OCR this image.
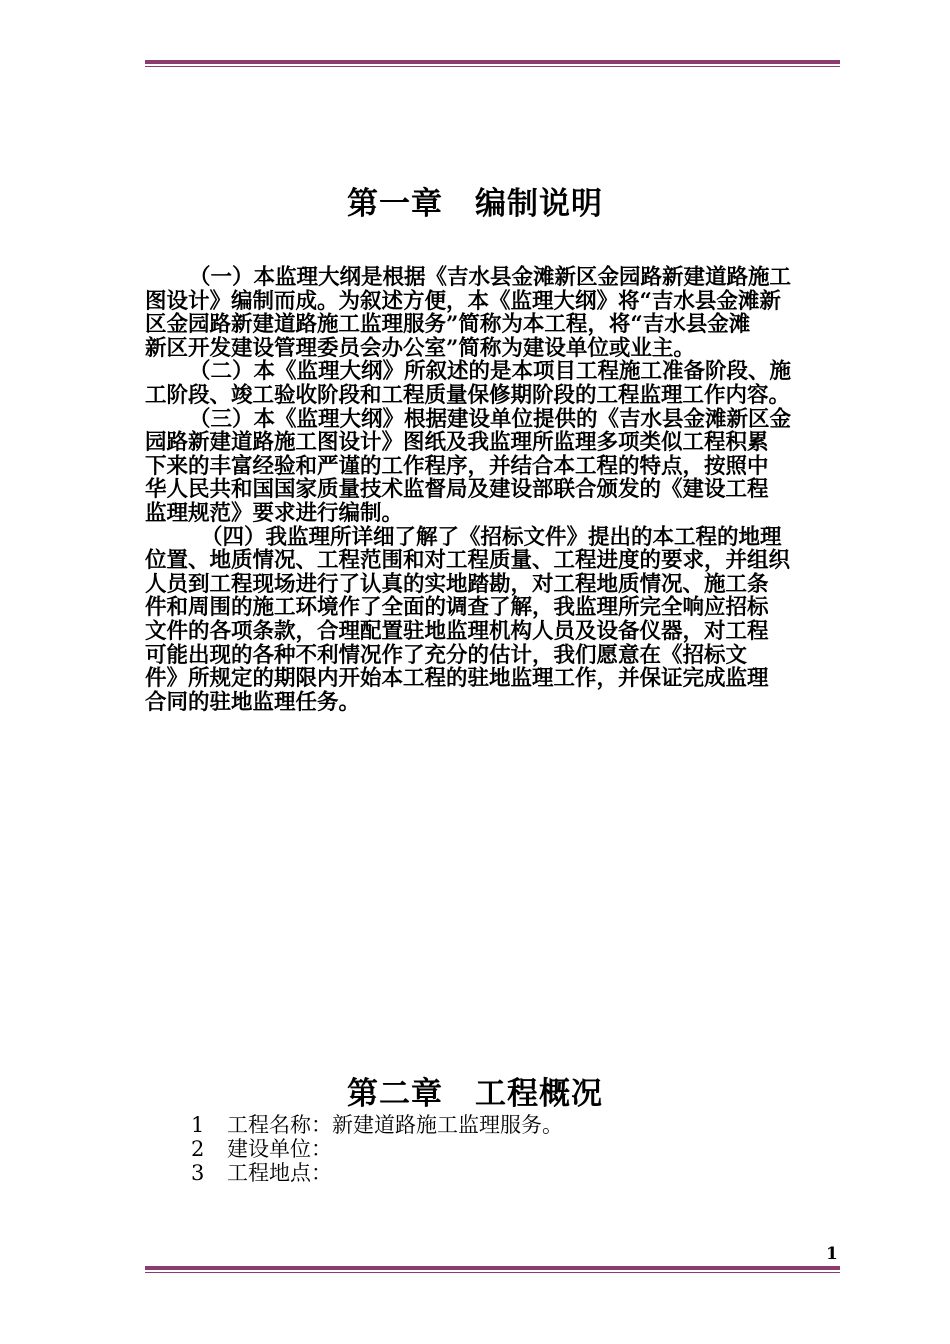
第一章　编制说明
（一）本监理大纲是根据《吉水县金滩新区金园路新建道路施工
图设计》编制而成。为叙述方便，本《监理大纲》将“吉水县金滩新
区金园路新建道路施工监理服务”简称为本工程，将“吉水县金滩
新区开发建设管理委员会办公室”简称为建设单位或业主。
（二）本《监理大纲》所叙述的是本项目工程施工准备阶段、施
工阶段、竣工验收阶段和工程质量保修期阶段的工程监理工作内容。
（三）本《监理大纲》根据建设单位提供的《吉水县金滩新区金
园路新建道路施工图设计》图纸及我监理所监理多项类似工程积累
下来的丰富经验和严谨的工作程序，并结合本工程的特点，按照中
华人民共和国国家质量技术监督局及建设部联合颁发的《建设工程
监理规范》要求进行编制。
（四）我监理所详细了解了《招标文件》提出的本工程的地理
位置、地质情况、工程范围和对工程质量、工程进度的要求，并组织
人员到工程现场进行了认真的实地踏勘，对工程地质情况、施工条
件和周围的施工环境作了全面的调查了解，我监理所完全响应招标
文件的各项条款，合理配置驻地监理机构人员及设备仪器，对工程
可能出现的各种不利情况作了充分的估计，我们愿意在《招标文
件》所规定的期限内开始本工程的驻地监理工作，并保证完成监理
合同的驻地监理任务。
第二章　工程概况
1 工程名称：新建道路施工监理服务。
2 建设单位：
3 工程地点：
1
